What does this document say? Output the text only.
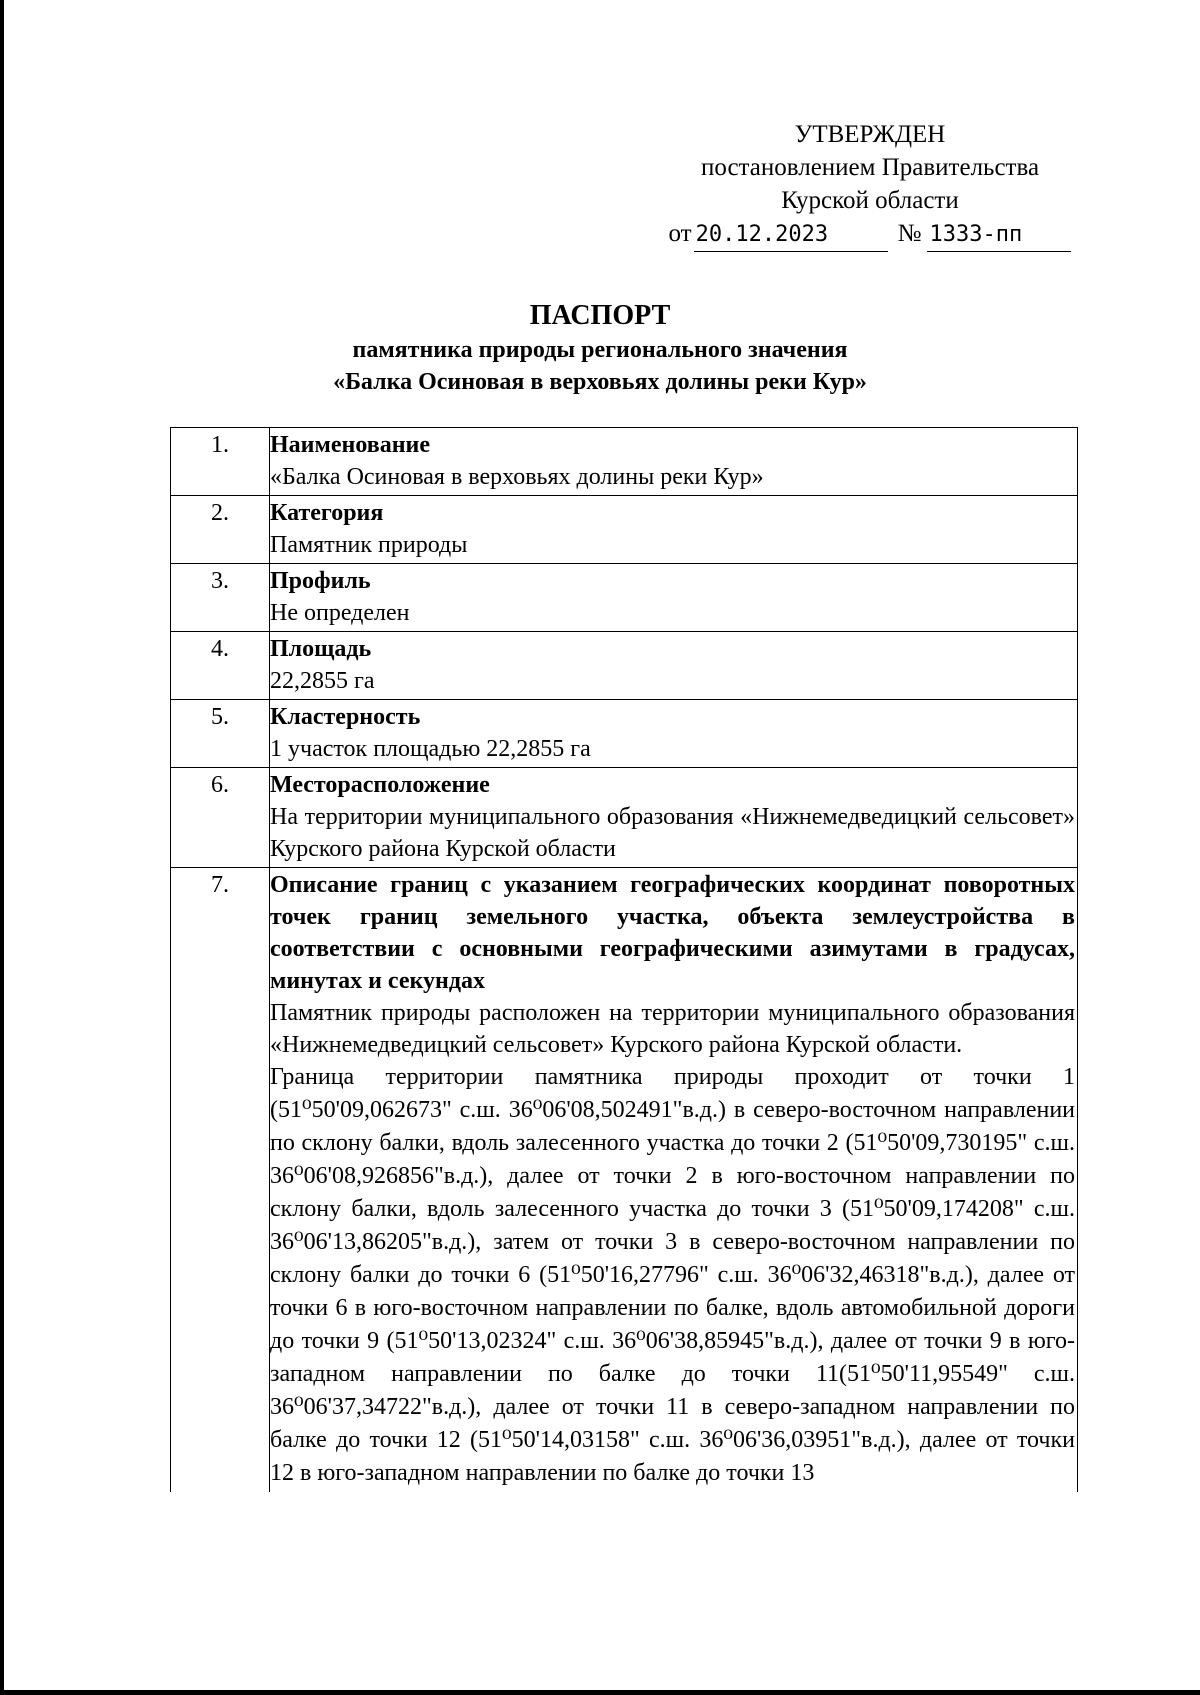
УТВЕРЖДЕН
постановлением Правительства
Курской области
от 20.12.2023	№ 1333-пп
ПАСПОРТ
памятника природы регионального значения
«Балка Осиновая в верховьях долины реки Кур»
1.	Наименование
«Балка Осиновая в верховьях долины реки Кур»

2.	Категория
Памятник природы

3.	Профиль
Не определен

4.	Площадь
22,2855 га

5.	Кластерность
1 участок площадью 22,2855 га

6.	Месторасположение
На территории муниципального образования «Нижнемедведицкий сельсовет» Курского района Курской области

7.	Описание границ с указанием географических координат поворотных точек границ земельного участка, объекта землеустройства в соответствии с основными географическими азимутами в градусах, минутах и секундах
Памятник природы расположен на территории муниципального образования «Нижнемедведицкий сельсовет» Курского района Курской области.
Граница территории памятника природы проходит от точки 1 (51⁰50'09,062673" с.ш. 36⁰06'08,502491"в.д.) в северо-восточном направлении по склону балки, вдоль залесенного участка до точки 2 (51⁰50'09,730195" с.ш. 36⁰06'08,926856"в.д.), далее от точки 2 в юго-восточном направлении по склону балки, вдоль залесенного участка до точки 3 (51⁰50'09,174208" с.ш. 36⁰06'13,86205"в.д.), затем от точки 3 в северо-восточном направлении по склону балки до точки 6 (51⁰50'16,27796" с.ш. 36⁰06'32,46318"в.д.), далее от точки 6 в юго-восточном направлении по балке, вдоль автомобильной дороги до точки 9 (51⁰50'13,02324" с.ш. 36⁰06'38,85945"в.д.), далее от точки 9 в юго-западном направлении по балке до точки 11(51⁰50'11,95549" с.ш. 36⁰06'37,34722"в.д.), далее от точки 11 в северо-западном направлении по балке до точки 12 (51⁰50'14,03158" с.ш. 36⁰06'36,03951"в.д.), далее от точки 12 в юго-западном направлении по балке до точки 13
